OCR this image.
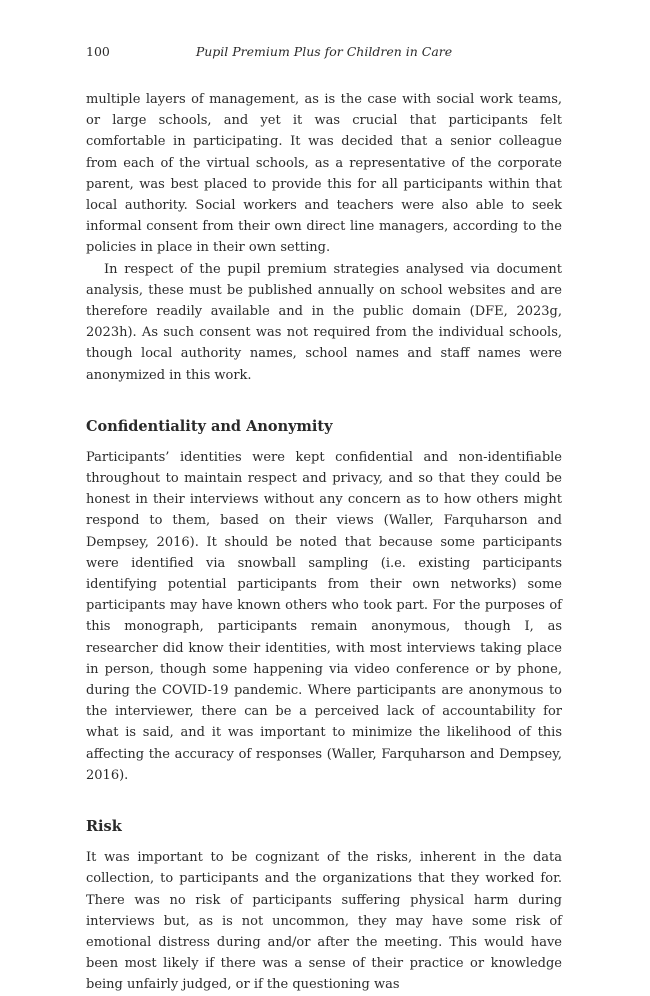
100	Pupil Premium Plus for Children in Care

multiple layers of management, as is the case with social work teams, or large schools, and yet it was crucial that participants felt comfortable in participating. It was decided that a senior colleague from each of the virtual schools, as a representative of the corporate parent, was best placed to provide this for all participants within that local authority. Social workers and teachers were also able to seek informal consent from their own direct line managers, according to the policies in place in their own setting.

In respect of the pupil premium strategies analysed via document analysis, these must be published annually on school websites and are therefore readily available and in the public domain (DFE, 2023g, 2023h). As such consent was not required from the individual schools, though local authority names, school names and staff names were anonymized in this work.

Confidentiality and Anonymity

Participants’ identities were kept confidential and non-identifiable throughout to maintain respect and privacy, and so that they could be honest in their interviews without any concern as to how others might respond to them, based on their views (Waller, Farquharson and Dempsey, 2016). It should be noted that because some participants were identified via snowball sampling (i.e. existing participants identifying potential participants from their own networks) some participants may have known others who took part. For the purposes of this monograph, participants remain anonymous, though I, as researcher did know their identities, with most interviews taking place in person, though some happening via video conference or by phone, during the COVID-19 pandemic. Where participants are anonymous to the interviewer, there can be a perceived lack of accountability for what is said, and it was important to minimize the likelihood of this affecting the accuracy of responses (Waller, Farquharson and Dempsey, 2016).

Risk

It was important to be cognizant of the risks, inherent in the data collection, to participants and the organizations that they worked for. There was no risk of participants suffering physical harm during interviews but, as is not uncommon, they may have some risk of emotional distress during and/or after the meeting. This would have been most likely if there was a sense of their practice or knowledge being unfairly judged, or if the questioning was
